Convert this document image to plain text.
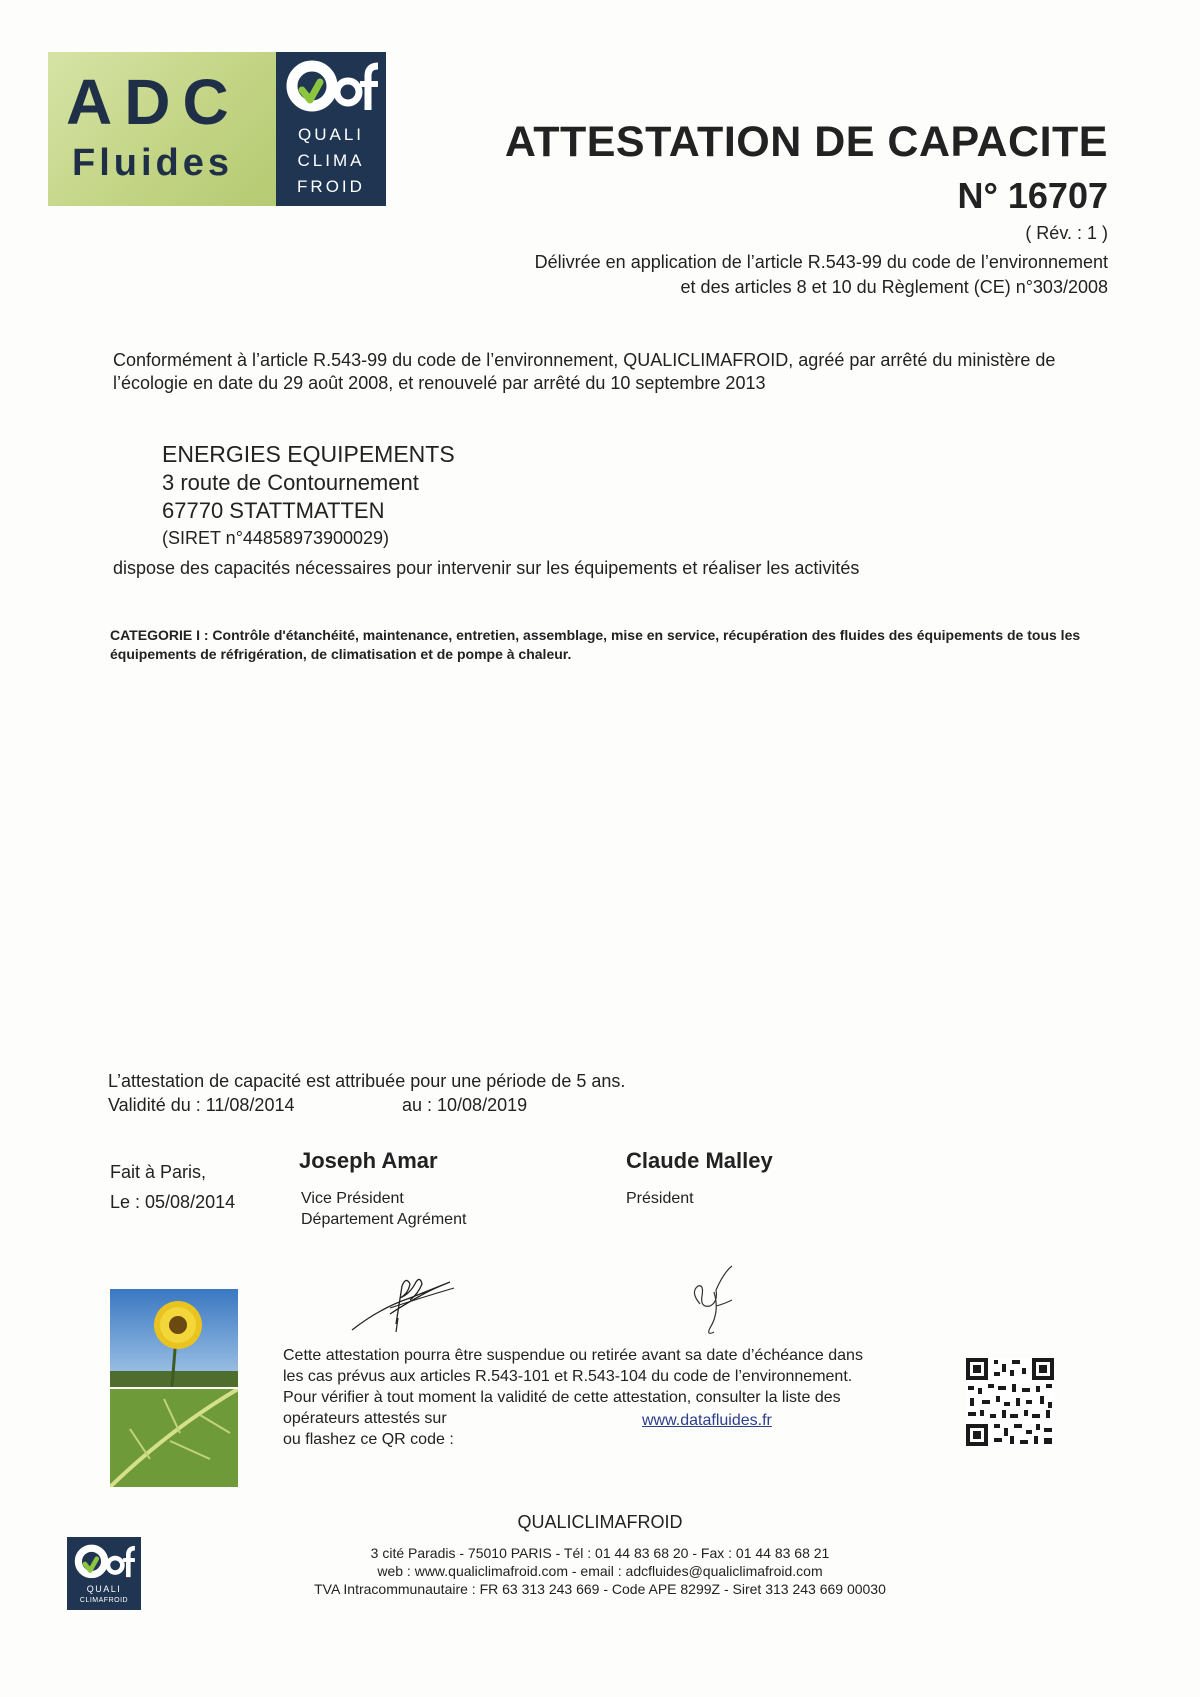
ADC
Fluides
QUALI
CLIMA
FROID
ATTESTATION DE CAPACITE
N° 16707
( Rév. : 1 )
Délivrée en application de l’article R.543-99 du code de l’environnement
et des articles 8 et 10 du Règlement (CE) n°303/2008
Conformément à l’article R.543-99 du code de l’environnement, QUALICLIMAFROID, agréé par arrêté du ministère de l’écologie en date du 29 août 2008, et renouvelé par arrêté du 10 septembre 2013
ENERGIES EQUIPEMENTS
3 route de Contournement
67770 STATTMATTEN
(SIRET n°44858973900029)
dispose des capacités nécessaires pour intervenir sur les équipements et réaliser les activités
CATEGORIE I : Contrôle d'étanchéité, maintenance, entretien, assemblage, mise en service, récupération des fluides des équipements de tous les équipements de réfrigération, de climatisation et de pompe à chaleur.
L’attestation de capacité est attribuée pour une période de 5 ans.
Validité du : 11/08/2014	au : 10/08/2019
Fait à Paris,
Le : 05/08/2014
Joseph Amar
Vice Président
Département Agrément
Claude Malley
Président
Cette attestation pourra être suspendue ou retirée avant sa date d’échéance dans les cas prévus aux articles R.543-101 et R.543-104 du code de l’environnement. Pour vérifier à tout moment la validité de cette attestation, consulter la liste des opérateurs attestés sur
ou flashez ce QR code :
www.datafluides.fr
QUALI
CLIMAFROID
QUALICLIMAFROID
3 cité Paradis - 75010 PARIS - Tél : 01 44 83 68 20 - Fax : 01 44 83 68 21
web : www.qualiclimafroid.com - email : adcfluides@qualiclimafroid.com
TVA Intracommunautaire : FR 63 313 243 669 - Code APE 8299Z - Siret 313 243 669 00030
